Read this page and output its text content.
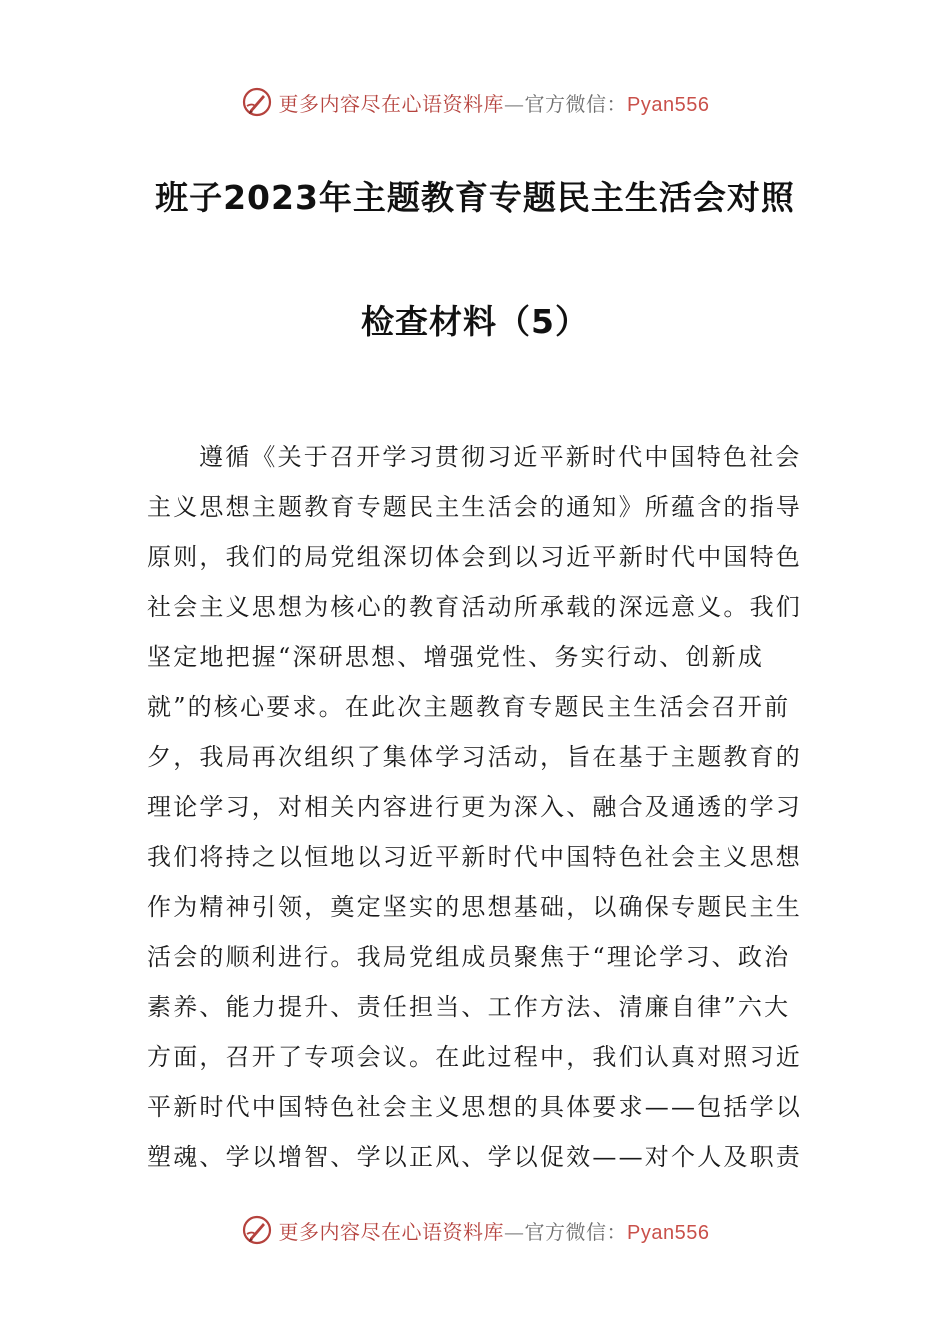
更多内容尽在心语资料库—官方微信：Pyan556
班子2023年主题教育专题民主生活会对照
检查材料（5）
遵循《关于召开学习贯彻习近平新时代中国特色社会
主义思想主题教育专题民主生活会的通知》所蕴含的指导
原则，我们的局党组深切体会到以习近平新时代中国特色
社会主义思想为核心的教育活动所承载的深远意义。我们
坚定地把握“深研思想、增强党性、务实行动、创新成
就”的核心要求。在此次主题教育专题民主生活会召开前
夕，我局再次组织了集体学习活动，旨在基于主题教育的
理论学习，对相关内容进行更为深入、融合及通透的学习
我们将持之以恒地以习近平新时代中国特色社会主义思想
作为精神引领，奠定坚实的思想基础，以确保专题民主生
活会的顺利进行。我局党组成员聚焦于“理论学习、政治
素养、能力提升、责任担当、工作方法、清廉自律”六大
方面，召开了专项会议。在此过程中，我们认真对照习近
平新时代中国特色社会主义思想的具体要求——包括学以
塑魂、学以增智、学以正风、学以促效——对个人及职责
更多内容尽在心语资料库—官方微信：Pyan556
